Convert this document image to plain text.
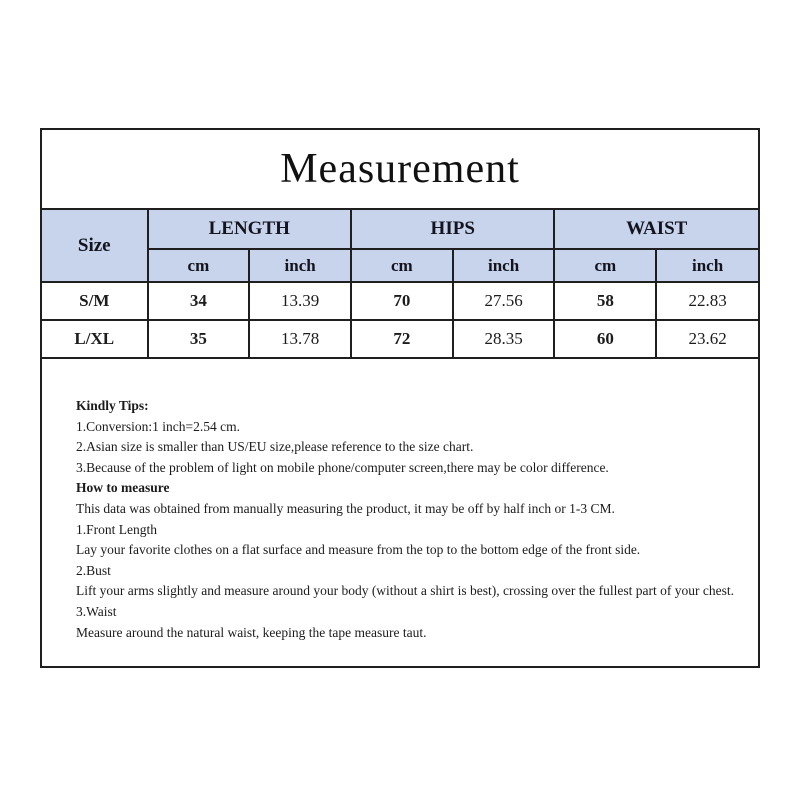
Measurement
Size	LENGTH		HIPS		WAIST	
	cm	inch	cm	inch	cm	inch
S/M	34	13.39	70	27.56	58	22.83
L/XL	35	13.78	72	28.35	60	23.62
Kindly Tips:
1.Conversion:1 inch=2.54 cm.
2.Asian size is smaller than US/EU size,please reference to the size chart.
3.Because of the problem of light on mobile phone/computer screen,there may be color difference.
How to measure
This data was obtained from manually measuring the product, it may be off by half inch or 1-3 CM.
1.Front Length
Lay your favorite clothes on a flat surface and measure from the top to the bottom edge of the front side.
2.Bust
Lift your arms slightly and measure around your body (without a shirt is best), crossing over the fullest part of your chest.
3.Waist
Measure around the natural waist, keeping the tape measure taut.
